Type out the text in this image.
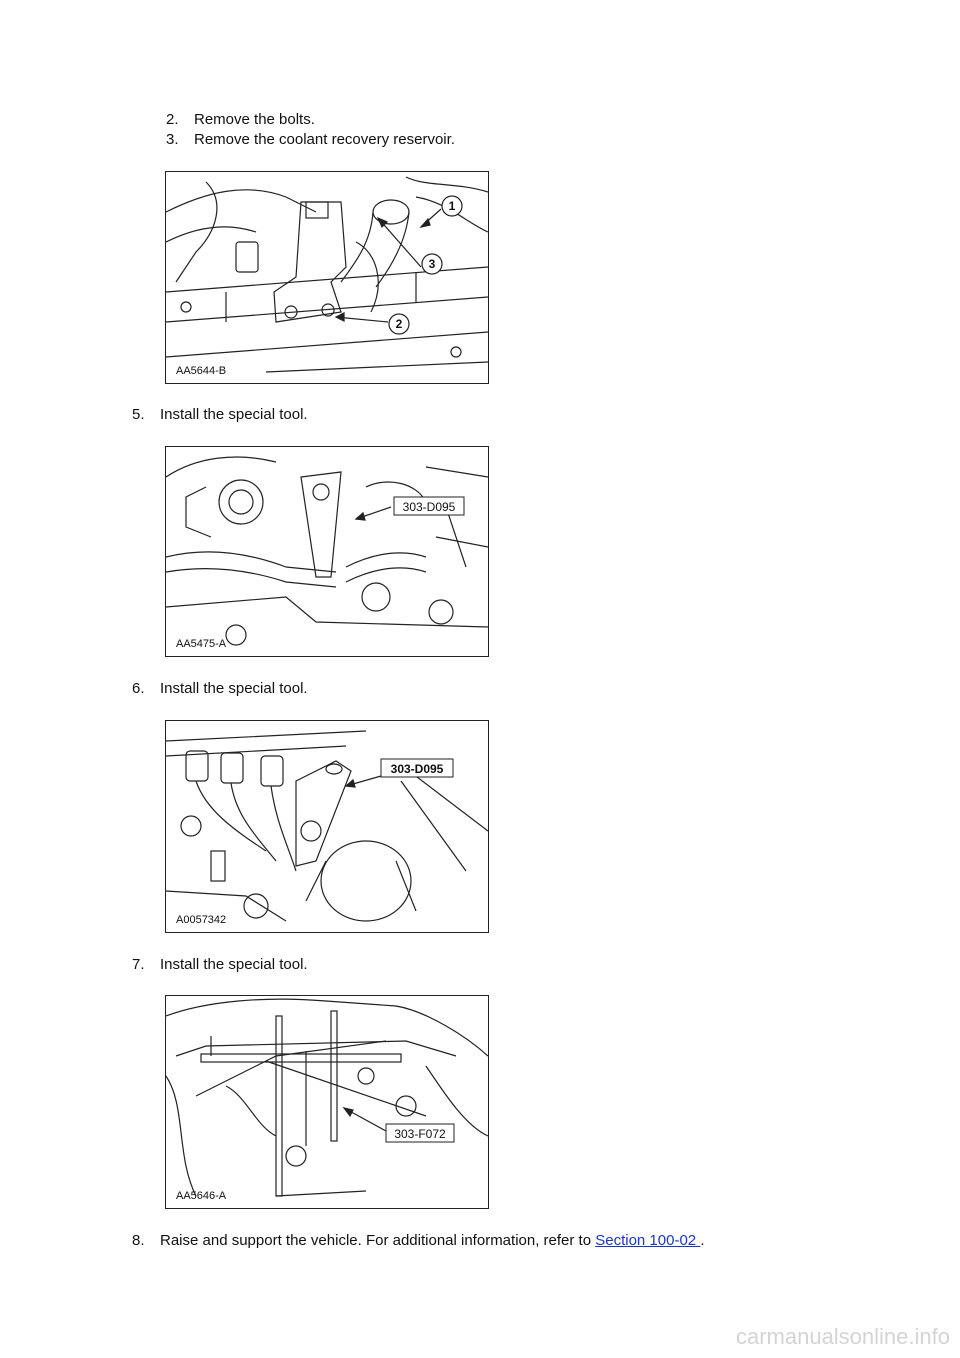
2. Remove the bolts.
3. Remove the coolant recovery reservoir.
1
2
3
AA5644-B
5. Install the special tool.
303-D095
AA5475-A
6. Install the special tool.
303-D095
A0057342
7. Install the special tool.
303-F072
AA5646-A
8. Raise and support the vehicle. For additional information, refer to Section 100-02 .
carmanualsonline.info
